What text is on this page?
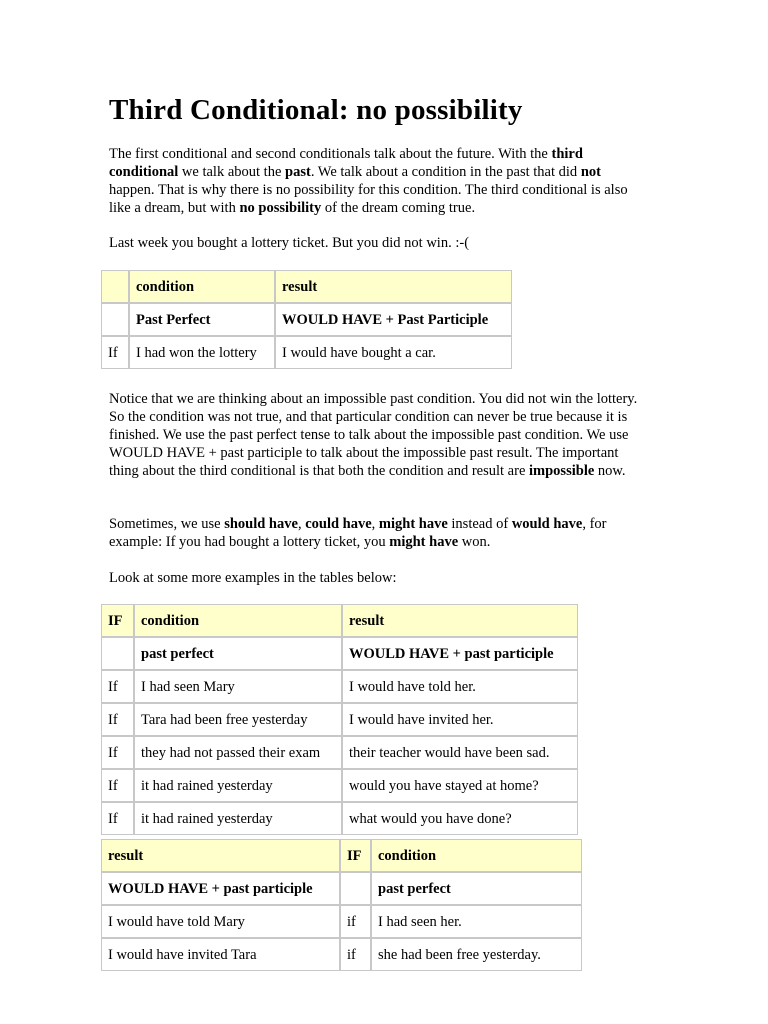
Third Conditional: no possibility

The first conditional and second conditionals talk about the future. With the third conditional we talk about the past. We talk about a condition in the past that did not happen. That is why there is no possibility for this condition. The third conditional is also like a dream, but with no possibility of the dream coming true.

Last week you bought a lottery ticket. But you did not win. :-(

	condition	result
	Past Perfect	WOULD HAVE + Past Participle
If	I had won the lottery	I would have bought a car.

Notice that we are thinking about an impossible past condition. You did not win the lottery. So the condition was not true, and that particular condition can never be true because it is finished. We use the past perfect tense to talk about the impossible past condition. We use WOULD HAVE + past participle to talk about the impossible past result. The important thing about the third conditional is that both the condition and result are impossible now.

Sometimes, we use should have, could have, might have instead of would have, for example: If you had bought a lottery ticket, you might have won.

Look at some more examples in the tables below:

IF	condition	result
	past perfect	WOULD HAVE + past participle
If	I had seen Mary	I would have told her.
If	Tara had been free yesterday	I would have invited her.
If	they had not passed their exam	their teacher would have been sad.
If	it had rained yesterday	would you have stayed at home?
If	it had rained yesterday	what would you have done?
result	IF	condition
WOULD HAVE + past participle		past perfect
I would have told Mary	if	I had seen her.
I would have invited Tara	if	she had been free yesterday.
